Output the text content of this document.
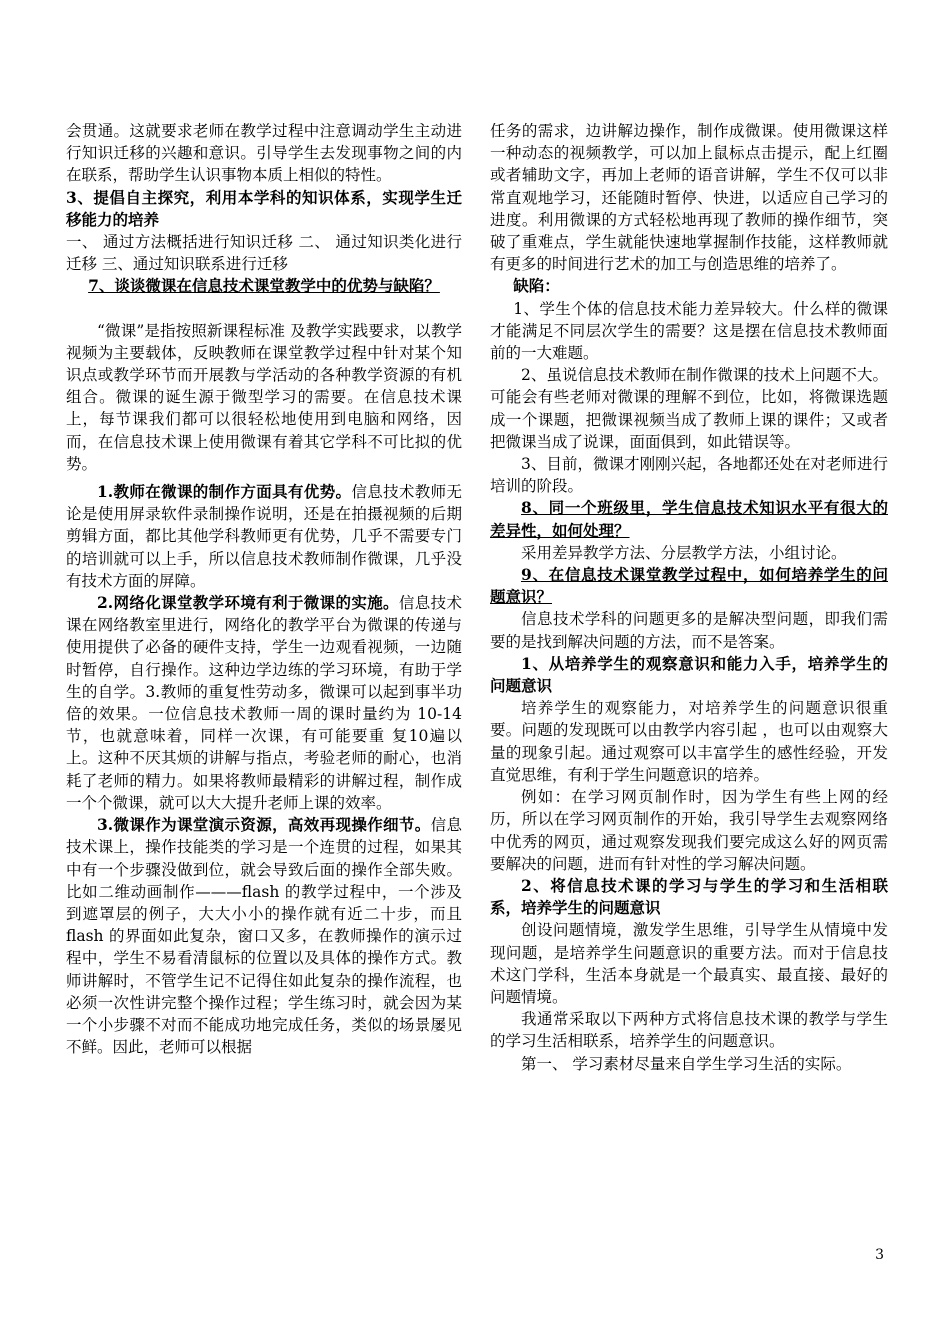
会贯通。这就要求老师在教学过程中注意调动学生主动进行知识迁移的兴趣和意识。引导学生去发现事物之间的内在联系，帮助学生认识事物本质上相似的特性。

3、提倡自主探究，利用本学科的知识体系，实现学生迁移能力的培养

一、 通过方法概括进行知识迁移 二、 通过知识类化进行迁移 三、通过知识联系进行迁移

7、谈谈微课在信息技术课堂教学中的优势与缺陷？

“微课”是指按照新课程标准 及教学实践要求，以教学视频为主要载体，反映教师在课堂教学过程中针对某个知识点或教学环节而开展教与学活动的各种教学资源的有机组合。微课的诞生源于微型学习的需要。在信息技术课上，每节课我们都可以很轻松地使用到电脑和网络，因而，在信息技术课上使用微课有着其它学科不可比拟的优势。

1.教师在微课的制作方面具有优势。信息技术教师无论是使用屏录软件录制操作说明，还是在拍摄视频的后期剪辑方面，都比其他学科教师更有优势，几乎不需要专门的培训就可以上手，所以信息技术教师制作微课，几乎没有技术方面的屏障。

2.网络化课堂教学环境有利于微课的实施。信息技术课在网络教室里进行，网络化的教学平台为微课的传递与使用提供了必备的硬件支持，学生一边观看视频，一边随时暂停，自行操作。这种边学边练的学习环境，有助于学生的自学。3.教师的重复性劳动多，微课可以起到事半功 倍的效果。一位信息技术教师一周的课时量约为 10-14 节，也就意味着，同样一次课，有可能要重 复10遍以上。这种不厌其烦的讲解与指点，考验老师的耐心，也消耗了老师的精力。如果将教师最精彩的讲解过程，制作成一个个微课，就可以大大提升老师上课的效率。

3.微课作为课堂演示资源，高效再现操作细节。信息技术课上，操作技能类的学习是一个连贯的过程，如果其中有一个步骤没做到位，就会导致后面的操作全部失败。比如二维动画制作———flash 的教学过程中，一个涉及到遮罩层的例子，大大小小的操作就有近二十步，而且 flash 的界面如此复杂，窗口又多，在教师操作的演示过程中，学生不易看清鼠标的位置以及具体的操作方式。教师讲解时，不管学生记不记得住如此复杂的操作流程，也必须一次性讲完整个操作过程；学生练习时，就会因为某一个小步骤不对而不能成功地完成任务，类似的场景屡见不鲜。因此，老师可以根据

任务的需求，边讲解边操作，制作成微课。使用微课这样一种动态的视频教学，可以加上鼠标点击提示，配上红圈或者辅助文字，再加上老师的语音讲解，学生不仅可以非常直观地学习，还能随时暂停、快进，以适应自己学习的进度。利用微课的方式轻松地再现了教师的操作细节，突破了重难点，学生就能快速地掌握制作技能，这样教师就有更多的时间进行艺术的加工与创造思维的培养了。

缺陷：

1、学生个体的信息技术能力差异较大。什么样的微课才能满足不同层次学生的需要？这是摆在信息技术教师面前的一大难题。

2、虽说信息技术教师在制作微课的技术上问题不大。可能会有些老师对微课的理解不到位，比如，将微课选题成一个课题，把微课视频当成了教师上课的课件；又或者把微课当成了说课，面面俱到，如此错误等。

3、目前，微课才刚刚兴起，各地都还处在对老师进行培训的阶段。

8、同一个班级里，学生信息技术知识水平有很大的差异性，如何处理？

采用差异教学方法、分层教学方法，小组讨论。

9、在信息技术课堂教学过程中，如何培养学生的问题意识？

信息技术学科的问题更多的是解决型问题，即我们需要的是找到解决问题的方法，而不是答案。

1、从培养学生的观察意识和能力入手，培养学生的问题意识

培养学生的观察能力，对培养学生的问题意识很重要。问题的发现既可以由教学内容引起 ，也可以由观察大量的现象引起。通过观察可以丰富学生的感性经验，开发直觉思维，有利于学生问题意识的培养。

例如：在学习网页制作时，因为学生有些上网的经历，所以在学习网页制作的开始，我引导学生去观察网络中优秀的网页，通过观察发现我们要完成这么好的网页需要解决的问题，进而有针对性的学习解决问题。

2、将信息技术课的学习与学生的学习和生活相联系，培养学生的问题意识

创设问题情境，激发学生思维，引导学生从情境中发现问题，是培养学生问题意识的重要方法。而对于信息技术这门学科，生活本身就是一个最真实、最直接、最好的问题情境。

我通常采取以下两种方式将信息技术课的教学与学生的学习生活相联系，培养学生的问题意识。

第一、 学习素材尽量来自学生学习生活的实际。

3
